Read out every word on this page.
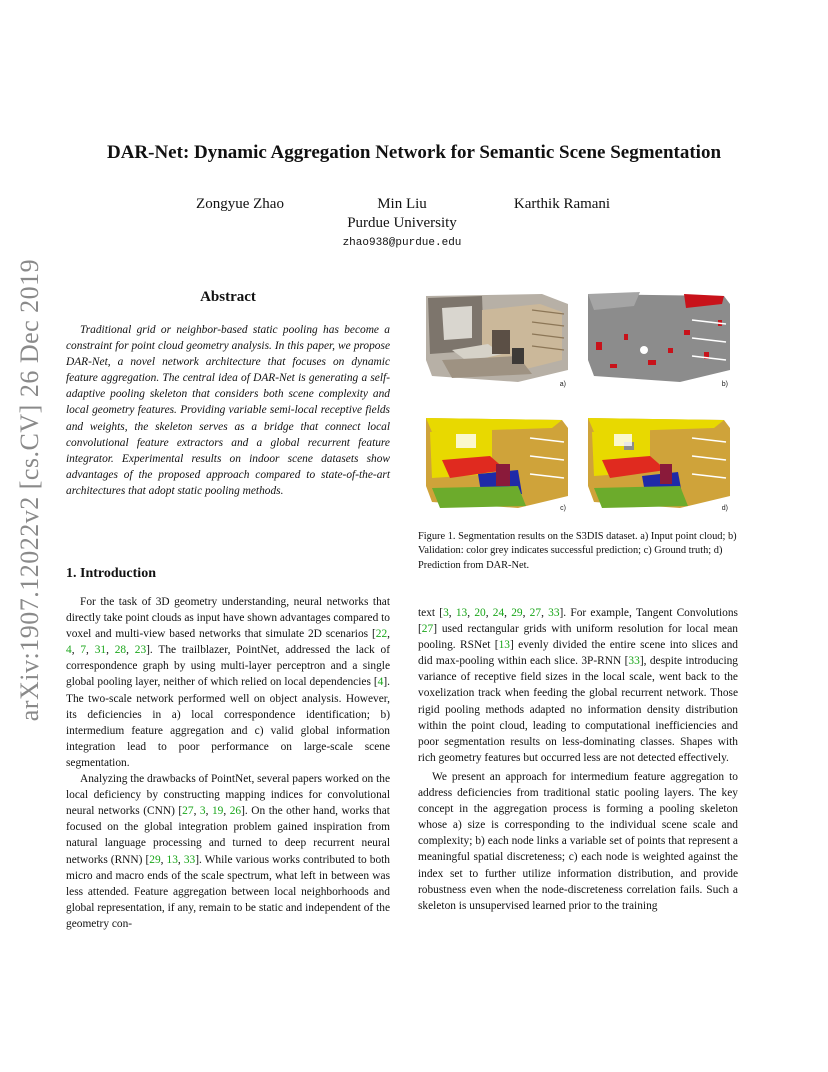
arXiv:1907.12022v2 [cs.CV] 26 Dec 2019
DAR-Net: Dynamic Aggregation Network for Semantic Scene Segmentation
Zongyue Zhao	Min Liu	Karthik Ramani
Purdue University
zhao938@purdue.edu
Abstract

Traditional grid or neighbor-based static pooling has become a constraint for point cloud geometry analysis. In this paper, we propose DAR-Net, a novel network architecture that focuses on dynamic feature aggregation. The central idea of DAR-Net is generating a self-adaptive pooling skeleton that considers both scene complexity and local geometry features. Providing variable semi-local receptive fields and weights, the skeleton serves as a bridge that connect local convolutional feature extractors and a global recurrent feature integrator. Experimental results on indoor scene datasets show advantages of the proposed approach compared to state-of-the-art architectures that adopt static pooling methods.

1. Introduction

For the task of 3D geometry understanding, neural networks that directly take point clouds as input have shown advantages compared to voxel and multi-view based networks that simulate 2D scenarios [22, 4, 7, 31, 28, 23]. The trailblazer, PointNet, addressed the lack of correspondence graph by using multi-layer perceptron and a single global pooling layer, neither of which relied on local dependencies [4]. The two-scale network performed well on object analysis. However, its deficiencies in a) local correspondence identification; b) intermedium feature aggregation and c) valid global information integration lead to poor performance on large-scale scene segmentation.

Analyzing the drawbacks of PointNet, several papers worked on the local deficiency by constructing mapping indices for convolutional neural networks (CNN) [27, 3, 19, 26]. On the other hand, works that focused on the global integration problem gained inspiration from natural language processing and turned to deep recurrent neural networks (RNN) [29, 13, 33]. While various works contributed to both micro and macro ends of the scale spectrum, what left in between was less attended. Feature aggregation between local neighborhoods and global representation, if any, remain to be static and independent of the geometry con-

text [3, 13, 20, 24, 29, 27, 33]. For example, Tangent Convolutions [27] used rectangular grids with uniform resolution for local mean pooling. RSNet [13] evenly divided the entire scene into slices and did max-pooling within each slice. 3P-RNN [33], despite introducing variance of receptive field sizes in the local scale, went back to the voxelization track when feeding the global recurrent network. Those rigid pooling methods adapted no information density distribution within the point cloud, leading to computational inefficiencies and poor segmentation results on less-dominating classes. Shapes with rich geometry features but occurred less are not detected effectively.

We present an approach for intermedium feature aggregation to address deficiencies from traditional static pooling layers. The key concept in the aggregation process is forming a pooling skeleton whose a) size is corresponding to the individual scene scale and complexity; b) each node links a variable set of points that represent a meaningful spatial discreteness; c) each node is weighted against the index set to further utilize information distribution, and provide robustness even when the node-discreteness correlation fails. Such a skeleton is unsupervised learned prior to the training

a)	b)
c)	d)
Figure 1. Segmentation results on the S3DIS dataset. a) Input point cloud; b) Validation: color grey indicates successful prediction; c) Ground truth; d) Prediction from DAR-Net.
